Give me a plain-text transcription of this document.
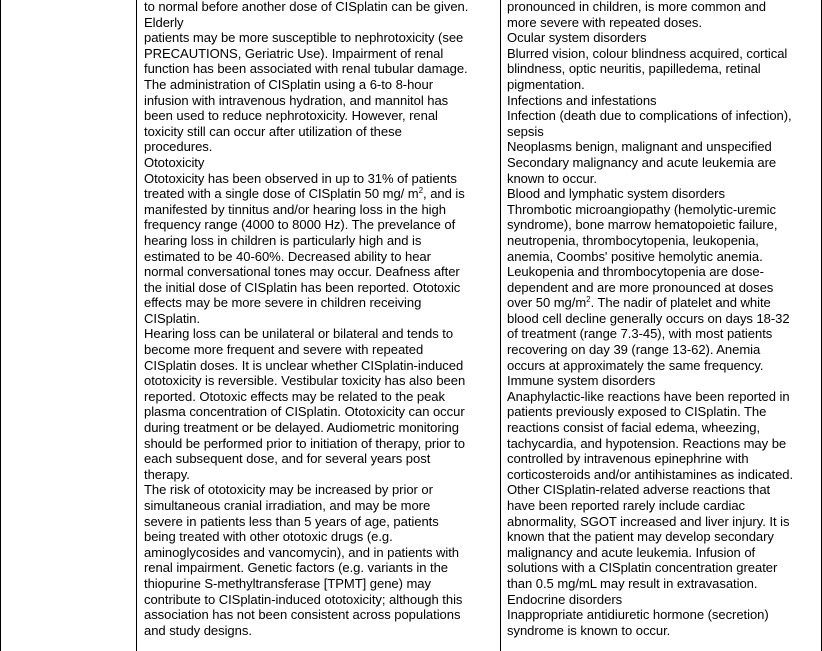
to normal before another dose of CISplatin can be given.
Elderly
patients may be more susceptible to nephrotoxicity (see
PRECAUTIONS, Geriatric Use). Impairment of renal
function has been associated with renal tubular damage.
The administration of CISplatin using a 6-to 8-hour
infusion with intravenous hydration, and mannitol has
been used to reduce nephrotoxicity. However, renal
toxicity still can occur after utilization of these
procedures.
Ototoxicity
Ototoxicity has been observed in up to 31% of patients
treated with a single dose of CISplatin 50 mg/ $m^2$, and is
manifested by tinnitus and/or hearing loss in the high
frequency range (4000 to 8000 Hz). The prevelance of
hearing loss in children is particularly high and is
estimated to be 40-60%. Decreased ability to hear
normal conversational tones may occur. Deafness after
the initial dose of CISplatin has been reported. Ototoxic
effects may be more severe in children receiving
CISplatin.
Hearing loss can be unilateral or bilateral and tends to
become more frequent and severe with repeated
CISplatin doses. It is unclear whether CISplatin-induced
ototoxicity is reversible. Vestibular toxicity has also been
reported. Ototoxic effects may be related to the peak
plasma concentration of CISplatin. Ototoxicity can occur
during treatment or be delayed. Audiometric monitoring
should be performed prior to initiation of therapy, prior to
each subsequent dose, and for several years post
therapy.
The risk of ototoxicity may be increased by prior or
simultaneous cranial irradiation, and may be more
severe in patients less than 5 years of age, patients
being treated with other ototoxic drugs (e.g.
aminoglycosides and vancomycin), and in patients with
renal impairment. Genetic factors (e.g. variants in the
thiopurine S-methyltransferase [TPMT] gene) may
contribute to CISplatin-induced ototoxicity; although this
association has not been consistent across populations
and study designs.
pronounced in children, is more common and
more severe with repeated doses.
Ocular system disorders
Blurred vision, colour blindness acquired, cortical
blindness, optic neuritis, papilledema, retinal
pigmentation.
Infections and infestations
Infection (death due to complications of infection),
sepsis
Neoplasms benign, malignant and unspecified
Secondary malignancy and acute leukemia are
known to occur.
Blood and lymphatic system disorders
Thrombotic microangiopathy (hemolytic-uremic
syndrome), bone marrow hematopoietic failure,
neutropenia, thrombocytopenia, leukopenia,
anemia, Coombs' positive hemolytic anemia.
Leukopenia and thrombocytopenia are dose-
dependent and are more pronounced at doses
over 50 $mg/m^2$. The nadir of platelet and white
blood cell decline generally occurs on days 18-32
of treatment (range 7.3-45), with most patients
recovering on day 39 (range 13-62). Anemia
occurs at approximately the same frequency.
Immune system disorders
Anaphylactic-like reactions have been reported in
patients previously exposed to CISplatin. The
reactions consist of facial edema, wheezing,
tachycardia, and hypotension. Reactions may be
controlled by intravenous epinephrine with
corticosteroids and/or antihistamines as indicated.
Other CISplatin-related adverse reactions that
have been reported rarely include cardiac
abnormality, SGOT increased and liver injury. It is
known that the patient may develop secondary
malignancy and acute leukemia. Infusion of
solutions with a CISplatin concentration greater
than 0.5 mg/mL may result in extravasation.
Endocrine disorders
Inappropriate antidiuretic hormone (secretion)
syndrome is known to occur.
